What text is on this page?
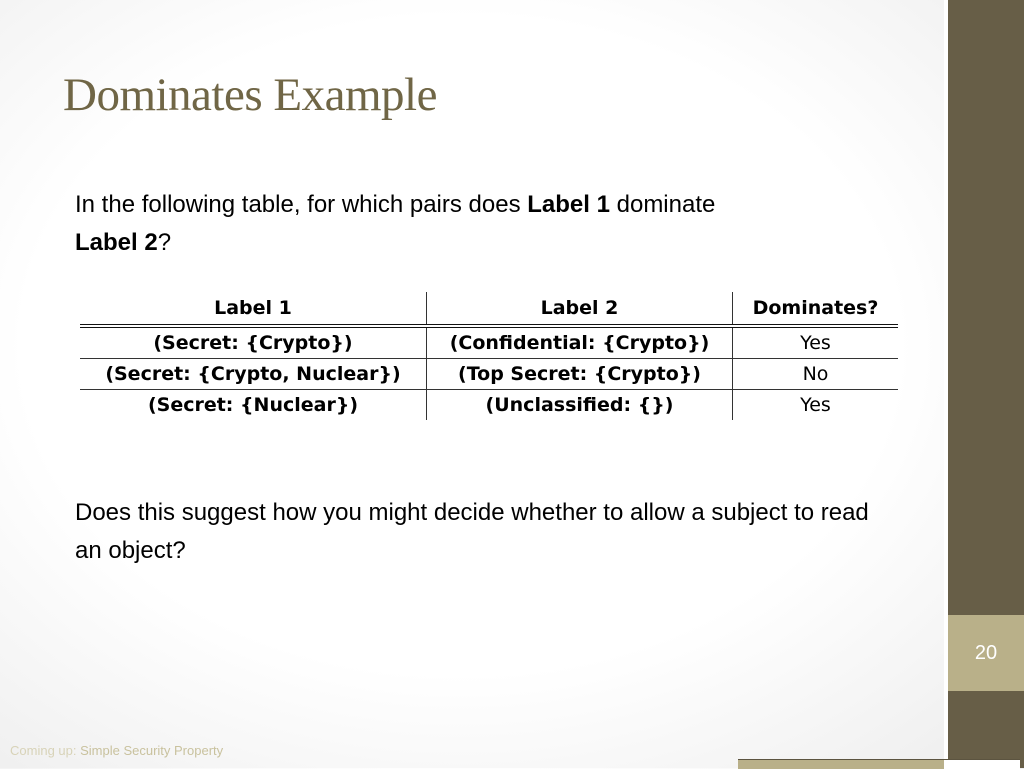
20
Dominates Example
In the following table, for which pairs does Label 1 dominate
Label 2?
Label 1	Label 2	Dominates?
(Secret: {Crypto})	(Confidential: {Crypto})	Yes
(Secret: {Crypto, Nuclear})	(Top Secret: {Crypto})	No
(Secret: {Nuclear})	(Unclassified: {})	Yes
Does this suggest how you might decide whether to allow a subject to read an object?
Coming up: Simple Security Property
